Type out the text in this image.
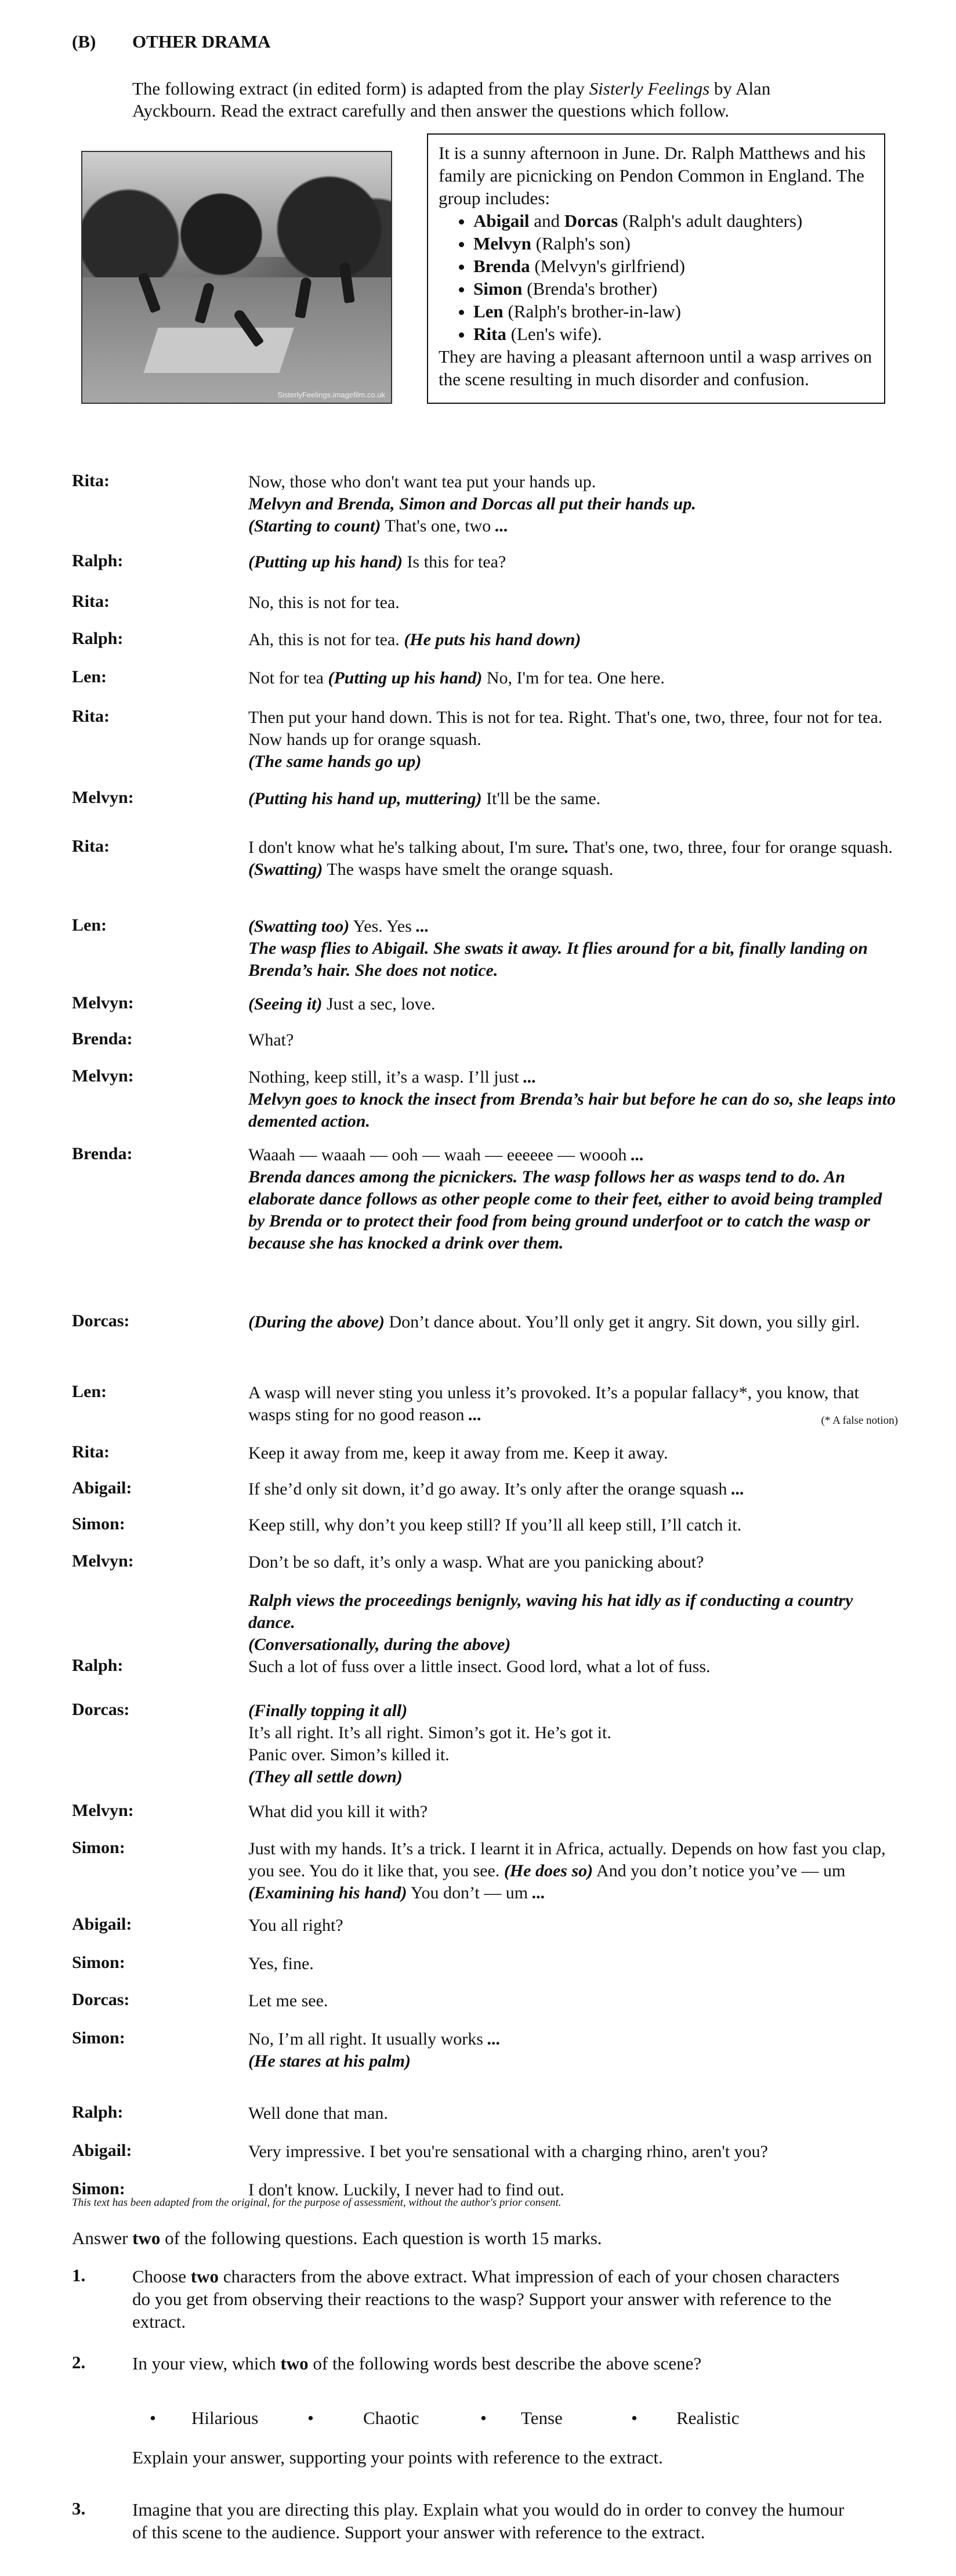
(B) OTHER DRAMA
The following extract (in edited form) is adapted from the play Sisterly Feelings by Alan Ayckbourn. Read the extract carefully and then answer the questions which follow.
SisterlyFeelings.imagefilm.co.uk
It is a sunny afternoon in June. Dr. Ralph Matthews and his family are picnicking on Pendon Common in England. The group includes:
• Abigail and Dorcas (Ralph's adult daughters)
• Melvyn (Ralph's son)
• Brenda (Melvyn's girlfriend)
• Simon (Brenda's brother)
• Len (Ralph's brother-in-law)
• Rita (Len's wife).
They are having a pleasant afternoon until a wasp arrives on the scene resulting in much disorder and confusion.
Rita:	Now, those who don't want tea put your hands up.
Melvyn and Brenda, Simon and Dorcas all put their hands up.
(Starting to count) That's one, two ...
Ralph:	(Putting up his hand) Is this for tea?
Rita:	No, this is not for tea.
Ralph:	Ah, this is not for tea. (He puts his hand down)
Len:	Not for tea (Putting up his hand) No, I'm for tea. One here.
Rita:	Then put your hand down. This is not for tea. Right. That's one, two, three, four not for tea. Now hands up for orange squash.
(The same hands go up)
Melvyn:	(Putting his hand up, muttering) It'll be the same.
Rita:	I don't know what he's talking about, I'm sure. That's one, two, three, four for orange squash.
(Swatting) The wasps have smelt the orange squash.
Len:	(Swatting too) Yes. Yes ...
The wasp flies to Abigail. She swats it away. It flies around for a bit, finally landing on Brenda’s hair. She does not notice.
Melvyn:	(Seeing it) Just a sec, love.
Brenda:	What?
Melvyn:	Nothing, keep still, it’s a wasp. I’ll just ...
Melvyn goes to knock the insect from Brenda’s hair but before he can do so, she leaps into demented action.
Brenda:	Waaah — waaah — ooh — waah — eeeeee — woooh ...
Brenda dances among the picnickers. The wasp follows her as wasps tend to do. An elaborate dance follows as other people come to their feet, either to avoid being trampled by Brenda or to protect their food from being ground underfoot or to catch the wasp or because she has knocked a drink over them.
Dorcas:	(During the above) Don’t dance about. You’ll only get it angry. Sit down, you silly girl.
Len:	A wasp will never sting you unless it’s provoked. It’s a popular fallacy*, you know, that wasps sting for no good reason ...	(* A false notion)
Rita:	Keep it away from me, keep it away from me. Keep it away.
Abigail:	If she’d only sit down, it’d go away. It’s only after the orange squash ...
Simon:	Keep still, why don’t you keep still? If you’ll all keep still, I’ll catch it.
Melvyn:	Don’t be so daft, it’s only a wasp. What are you panicking about?
Ralph:
Ralph views the proceedings benignly, waving his hat idly as if conducting a country dance.
(Conversationally, during the above)
Such a lot of fuss over a little insect. Good lord, what a lot of fuss.
Dorcas:	(Finally topping it all)
It’s all right. It’s all right. Simon’s got it. He’s got it.
Panic over. Simon’s killed it.
(They all settle down)
Melvyn:	What did you kill it with?
Simon:	Just with my hands. It’s a trick. I learnt it in Africa, actually. Depends on how fast you clap, you see. You do it like that, you see. (He does so) And you don’t notice you’ve — um (Examining his hand) You don’t — um ...
Abigail:	You all right?
Simon:	Yes, fine.
Dorcas:	Let me see.
Simon:	No, I’m all right. It usually works ...
(He stares at his palm)
Ralph:	Well done that man.
Abigail:	Very impressive. I bet you're sensational with a charging rhino, aren't you?
Simon:	I don't know. Luckily, I never had to find out.
This text has been adapted from the original, for the purpose of assessment, without the author's prior consent.
Answer two of the following questions. Each question is worth 15 marks.
1.	Choose two characters from the above extract. What impression of each of your chosen characters do you get from observing their reactions to the wasp? Support your answer with reference to the extract.
2.	In your view, which two of the following words best describe the above scene?
• Hilarious	•	Chaotic	• Tense	• Realistic
Explain your answer, supporting your points with reference to the extract.
3.	Imagine that you are directing this play. Explain what you would do in order to convey the humour of this scene to the audience. Support your answer with reference to the extract.
